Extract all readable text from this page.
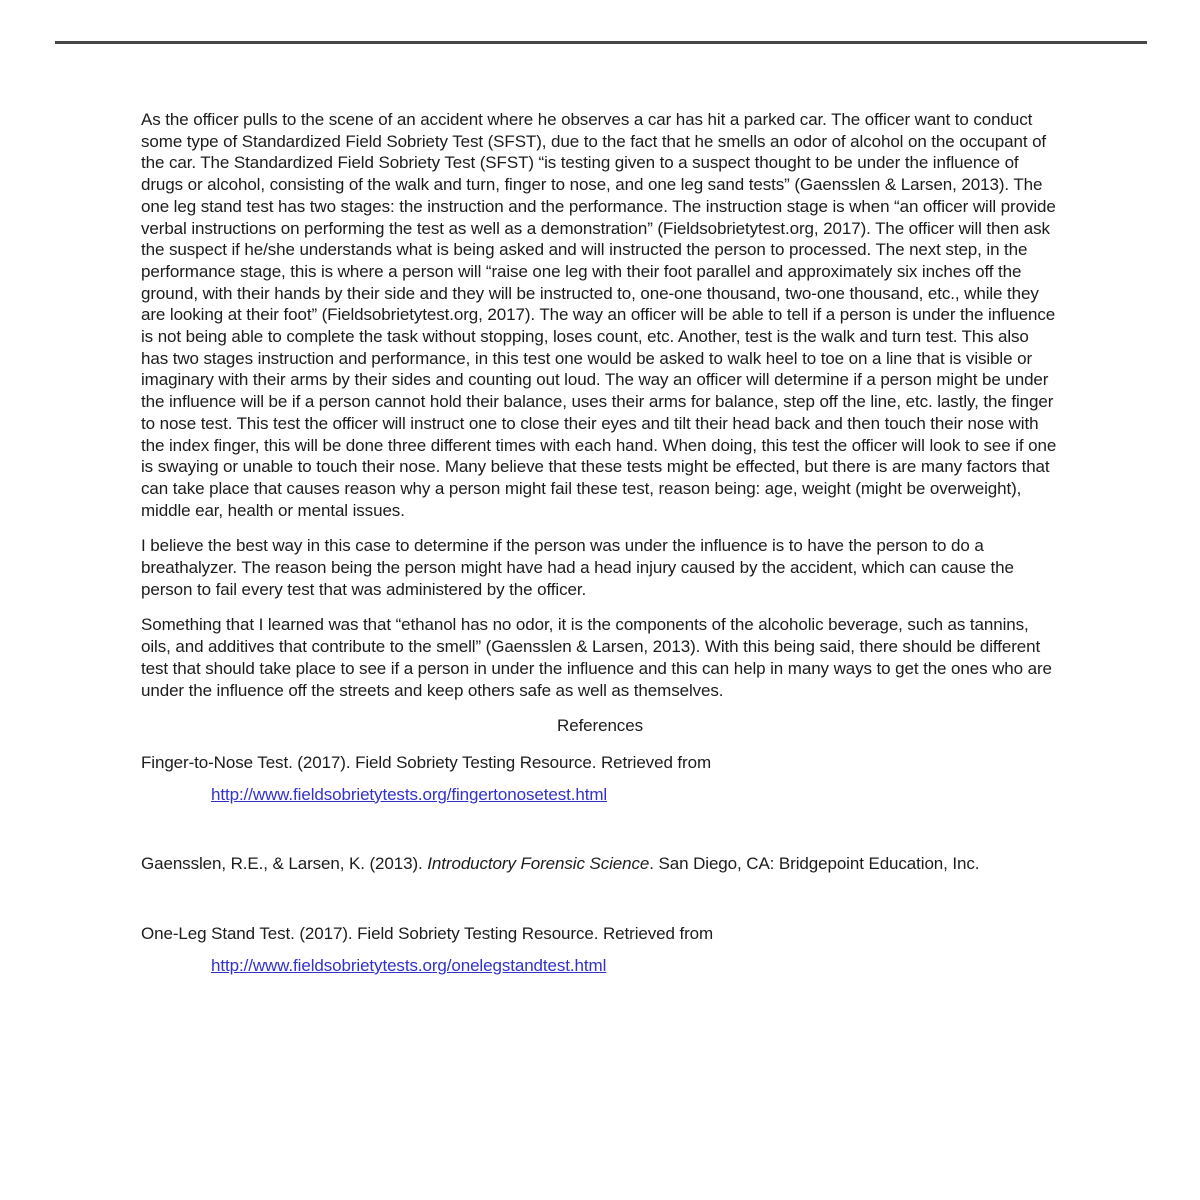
As the officer pulls to the scene of an accident where he observes a car has hit a parked car. The officer want to conduct some type of Standardized Field Sobriety Test (SFST), due to the fact that he smells an odor of alcohol on the occupant of the car. The Standardized Field Sobriety Test (SFST) “is testing given to a suspect thought to be under the influence of drugs or alcohol, consisting of the walk and turn, finger to nose, and one leg sand tests” (Gaensslen & Larsen, 2013). The one leg stand test has two stages: the instruction and the performance. The instruction stage is when “an officer will provide verbal instructions on performing the test as well as a demonstration” (Fieldsobrietytest.org, 2017). The officer will then ask the suspect if he/she understands what is being asked and will instructed the person to processed. The next step, in the performance stage, this is where a person will “raise one leg with their foot parallel and approximately six inches off the ground, with their hands by their side and they will be instructed to, one-one thousand, two-one thousand, etc., while they are looking at their foot” (Fieldsobrietytest.org, 2017). The way an officer will be able to tell if a person is under the influence is not being able to complete the task without stopping, loses count, etc. Another, test is the walk and turn test. This also has two stages instruction and performance, in this test one would be asked to walk heel to toe on a line that is visible or imaginary with their arms by their sides and counting out loud. The way an officer will determine if a person might be under the influence will be if a person cannot hold their balance, uses their arms for balance, step off the line, etc. lastly, the finger to nose test. This test the officer will instruct one to close their eyes and tilt their head back and then touch their nose with the index finger, this will be done three different times with each hand. When doing, this test the officer will look to see if one is swaying or unable to touch their nose. Many believe that these tests might be effected, but there is are many factors that can take place that causes reason why a person might fail these test, reason being: age, weight (might be overweight), middle ear, health or mental issues.

I believe the best way in this case to determine if the person was under the influence is to have the person to do a breathalyzer. The reason being the person might have had a head injury caused by the accident, which can cause the person to fail every test that was administered by the officer.

Something that I learned was that “ethanol has no odor, it is the components of the alcoholic beverage, such as tannins, oils, and additives that contribute to the smell” (Gaensslen & Larsen, 2013). With this being said, there should be different test that should take place to see if a person in under the influence and this can help in many ways to get the ones who are under the influence off the streets and keep others safe as well as themselves.

References

Finger-to-Nose Test. (2017). Field Sobriety Testing Resource. Retrieved from

http://www.fieldsobrietytests.org/fingertonosetest.html

Gaensslen, R.E., & Larsen, K. (2013). Introductory Forensic Science. San Diego, CA: Bridgepoint Education, Inc.

One-Leg Stand Test. (2017). Field Sobriety Testing Resource. Retrieved from

http://www.fieldsobrietytests.org/onelegstandtest.html
